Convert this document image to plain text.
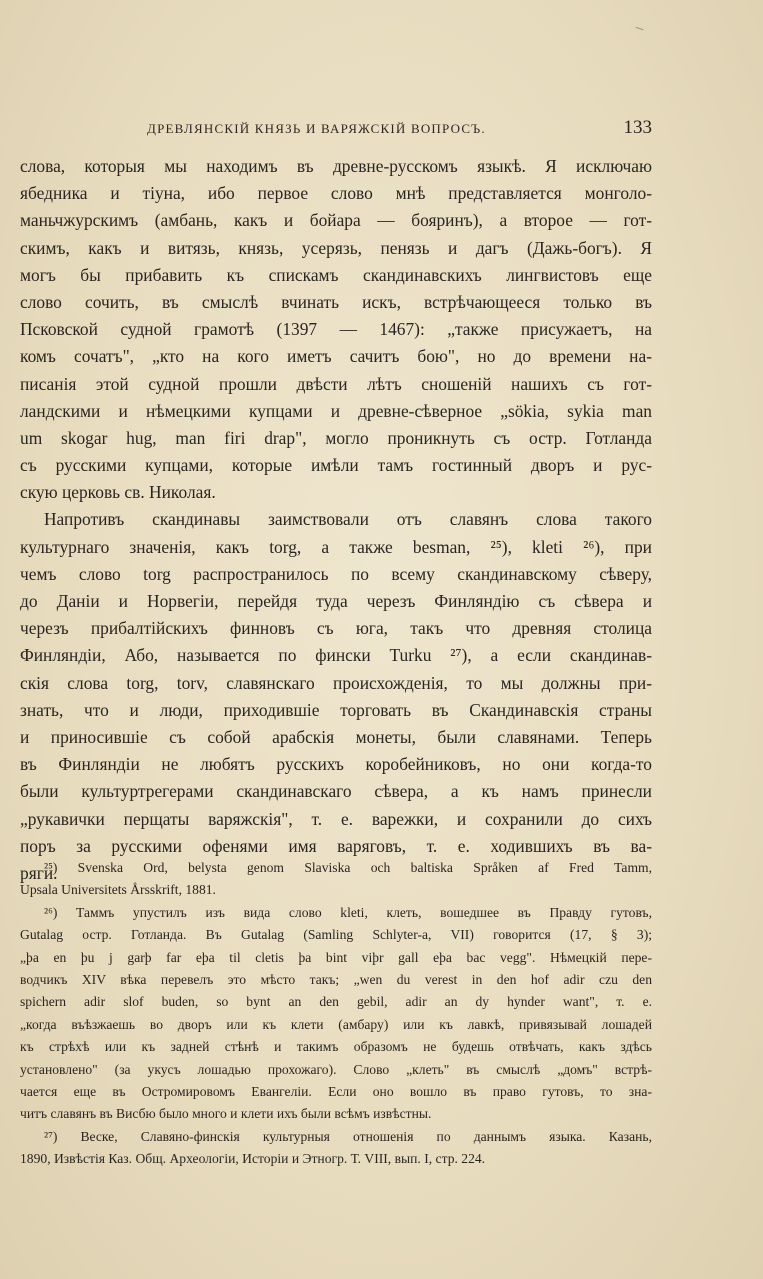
ДРЕВЛЯНСКІЙ КНЯЗЬ И ВАРЯЖСКІЙ ВОПРОСЪ.	133
слова, которыя мы находимъ въ древне-русскомъ языкѣ. Я исключаю
ябедника и тіуна, ибо первое слово мнѣ представляется монголо-
маньчжурскимъ (амбань, какъ и бойара — бояринъ), а второе — гот-
скимъ, какъ и витязь, князь, усерязь, пенязь и дагъ (Дажь-богъ). Я
могъ бы прибавить къ спискамъ скандинавскихъ лингвистовъ еще
слово сочить, въ смыслѣ вчинать искъ, встрѣчающееся только въ
Псковской судной грамотѣ (1397 — 1467): „также присужаетъ, на
комъ сочатъ", „кто на кого иметъ сачитъ бою", но до времени на-
писанія этой судной прошли двѣсти лѣтъ сношеній нашихъ съ гот-
ландскими и нѣмецкими купцами и древне-сѣверное „sökia, sykia man
um skogar hug, man firi drap", могло проникнуть съ остр. Готланда
съ русскими купцами, которые имѣли тамъ гостинный дворъ и рус-
скую церковь св. Николая.
Напротивъ скандинавы заимствовали отъ славянъ слова такого
культурнаго значенія, какъ torg, а также besman, ²⁵), kleti ²⁶), при
чемъ слово torg распространилось по всему скандинавскому сѣверу,
до Даніи и Норвегіи, перейдя туда черезъ Финляндію съ сѣвера и
черезъ прибалтійскихъ финновъ съ юга, такъ что древняя столица
Финляндіи, Або, называется по фински Turku ²⁷), а если скандинав-
скія слова torg, torv, славянскаго происхожденія, то мы должны при-
знать, что и люди, приходившіе торговать въ Скандинавскія страны
и приносившіе съ собой арабскія монеты, были славянами. Теперь
въ Финляндіи не любятъ русскихъ коробейниковъ, но они когда-то
были культуртрегерами скандинавскаго сѣвера, а къ намъ принесли
„рукавички перщаты варяжскія", т. е. варежки, и сохранили до сихъ
поръ за русскими офенями имя варяговъ, т. е. ходившихъ въ ва-
ряги.
²⁵) Svenska Ord, belysta genom Slaviska och baltiska Språken af Fred Tamm,
Upsala Universitets Årsskrift, 1881.
²⁶) Таммъ упустилъ изъ вида слово kleti, клеть, вошедшее въ Правду гутовъ,
Gutalag остр. Готланда. Въ Gutalag (Samling Schlyter-a, VII) говорится (17, § 3);
„þa en þu j garþ far eþa til cletis þa bint viþr gall eþa bac vegg". Нѣмецкій пере-
водчикъ XIV вѣка перевелъ это мѣсто такъ; „wen du verest in den hof adir czu den
spichern adir slof buden, so bynt an den gebil, adir an dy hynder want", т. е.
„когда въѣзжаешь во дворъ или къ клети (амбару) или къ лавкѣ, привязывай лошадей
къ стрѣхѣ или къ задней стѣнѣ и такимъ образомъ не будешь отвѣчать, какъ здѣсь
установлено" (за укусъ лошадью прохожаго). Слово „клеть" въ смыслѣ „домъ" встрѣ-
чается еще въ Остромировомъ Евангеліи. Если оно вошло въ право гутовъ, то зна-
читъ славянъ въ Висбю было много и клети ихъ были всѣмъ извѣстны.
²⁷) Веске, Славяно-финскія культурныя отношенія по даннымъ языка. Казань,
1890, Извѣстія Каз. Общ. Археологіи, Исторіи и Этногр. Т. VIII, вып. I, стр. 224.
